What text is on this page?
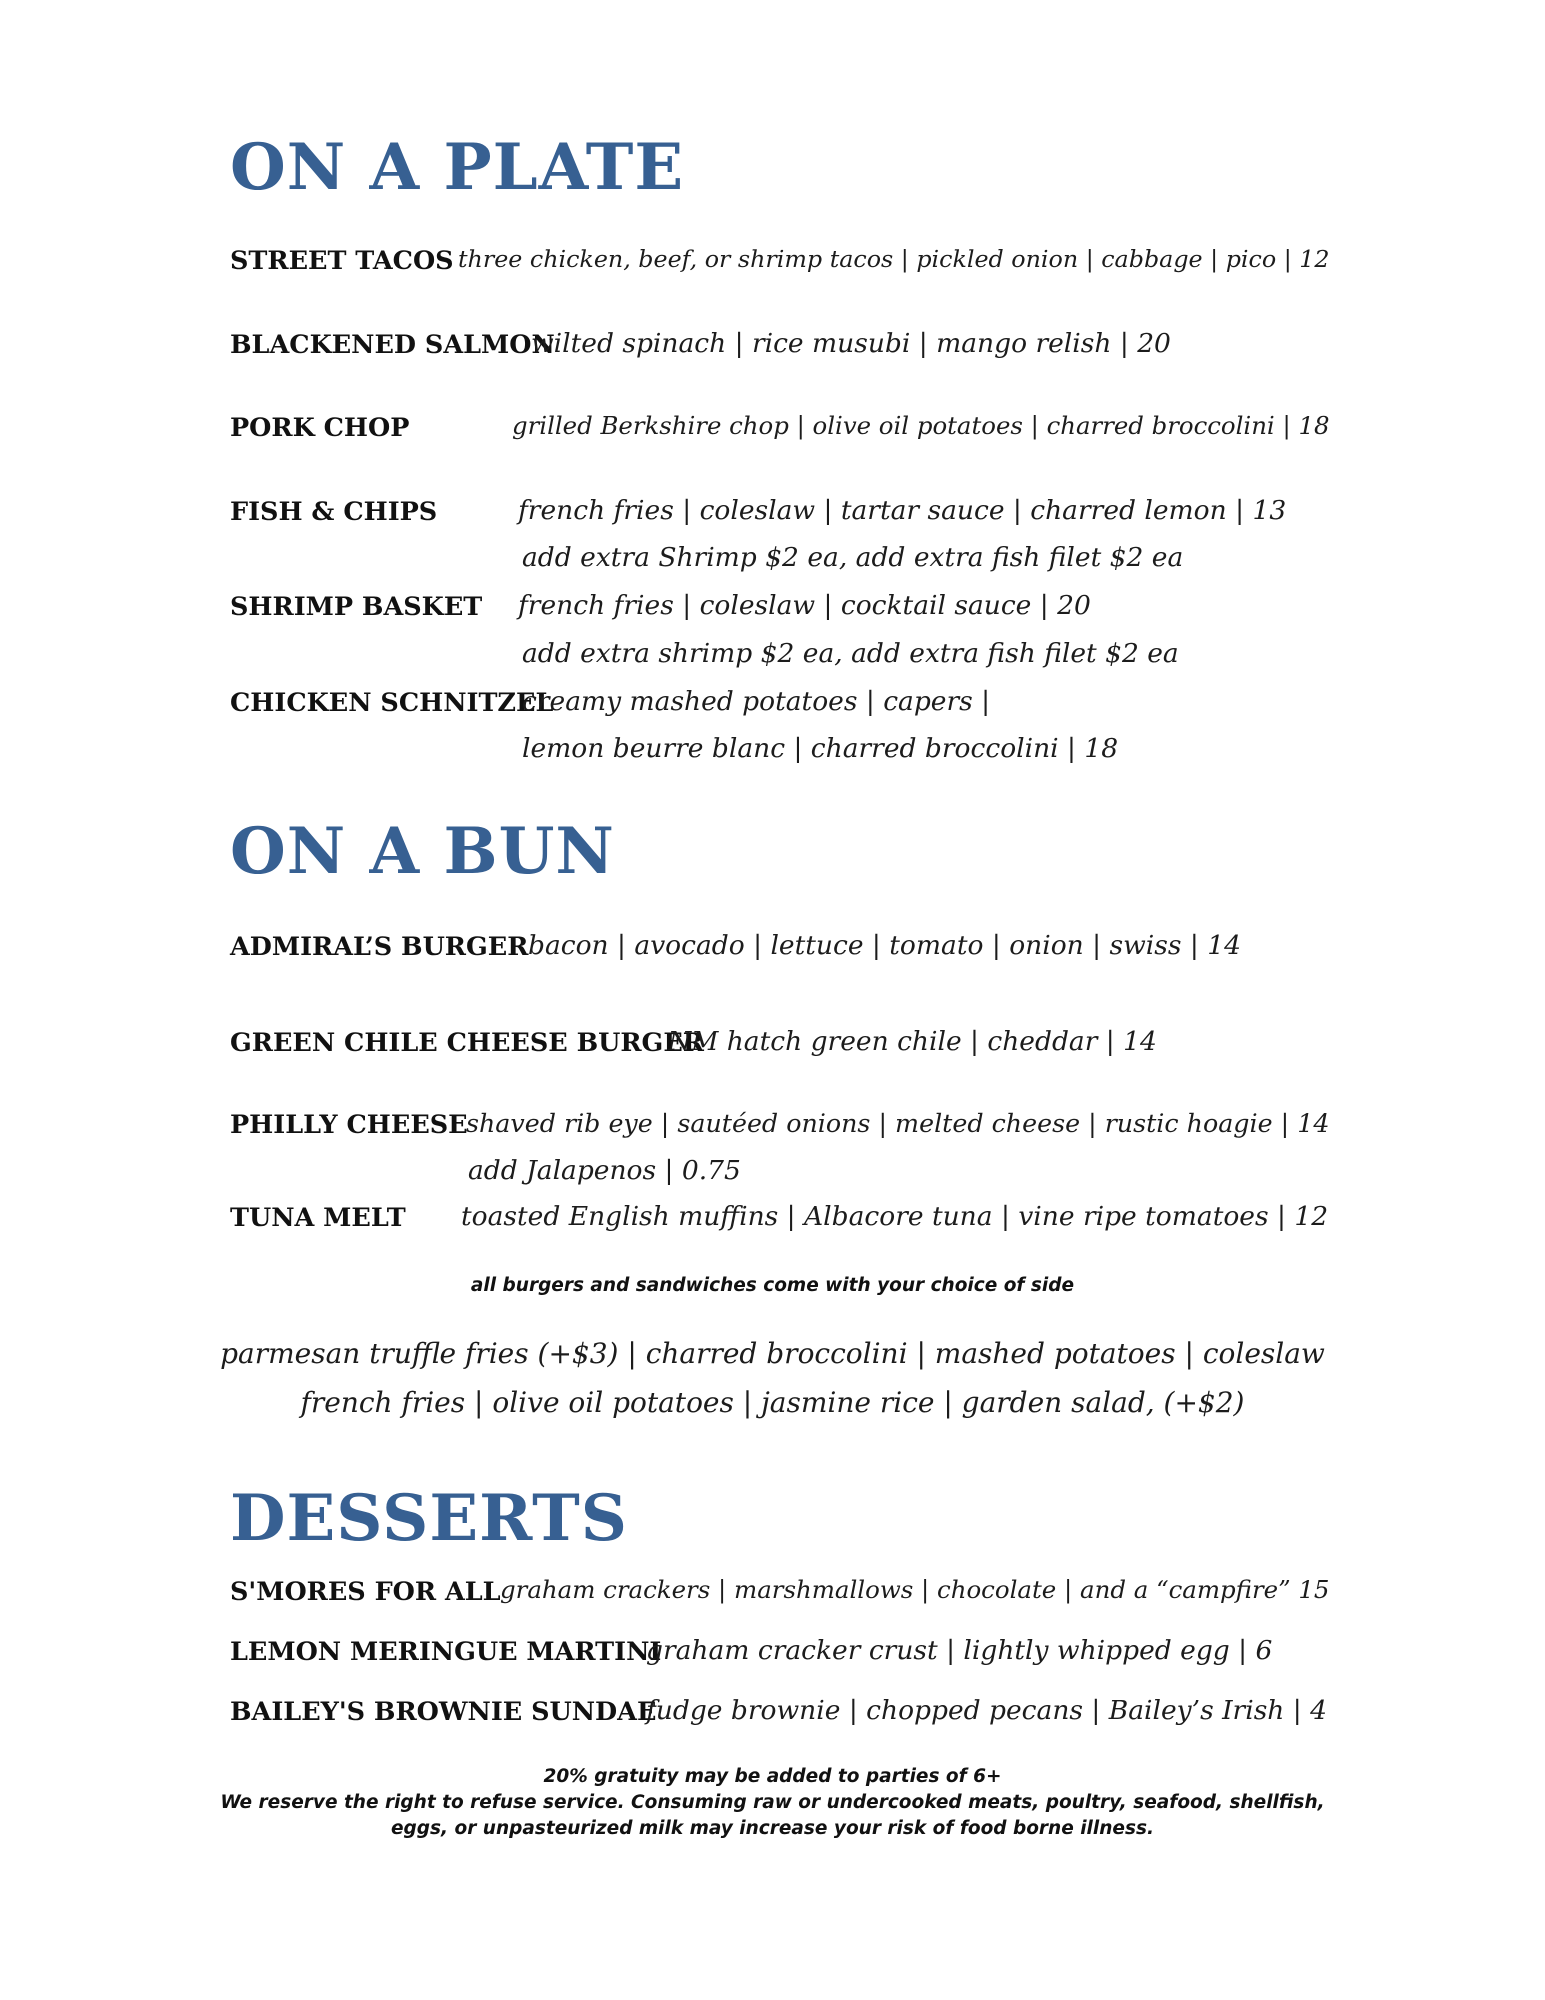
ON A PLATE
STREET TACOS three chicken, beef, or shrimp tacos | pickled onion | cabbage | pico | 12
BLACKENED SALMON
wilted spinach | rice musubi | mango relish | 20
PORK CHOP	grilled Berkshire chop | olive oil potatoes | charred broccolini | 18
FISH & CHIPS	french fries | coleslaw | tartar sauce | charred lemon | 13
add extra Shrimp $2 ea, add extra fish filet $2 ea
SHRIMP BASKET french fries | coleslaw | cocktail sauce | 20
add extra shrimp $2 ea, add extra fish filet $2 ea
CHICKEN SCHNITZEL
creamy mashed potatoes | capers |
lemon beurre blanc | charred broccolini | 18
ON A BUN
ADMIRAL’S BURGER bacon | avocado | lettuce | tomato | onion | swiss | 14
GREEN CHILE CHEESE BURGER
NM hatch green chile | cheddar | 14
PHILLY CHEESE
shaved rib eye | sautéed onions | melted cheese | rustic hoagie | 14
add Jalapenos | 0.75
TUNA MELT toasted English muffins | Albacore tuna | vine ripe tomatoes | 12

all burgers and sandwiches come with your choice of side

parmesan truffle fries (+$3) | charred broccolini | mashed potatoes | coleslaw

french fries | olive oil potatoes | jasmine rice | garden salad, (+$2)

DESSERTS
S'MORES FOR ALL graham crackers | marshmallows | chocolate | and a “campfire” 15
LEMON MERINGUE MARTINI
graham cracker crust | lightly whipped egg | 6
BAILEY'S BROWNIE SUNDAE
fudge brownie | chopped pecans | Bailey’s Irish | 4

20% gratuity may be added to parties of 6+

We reserve the right to refuse service. Consuming raw or undercooked meats, poultry, seafood, shellfish,

eggs, or unpasteurized milk may increase your risk of food borne illness.
